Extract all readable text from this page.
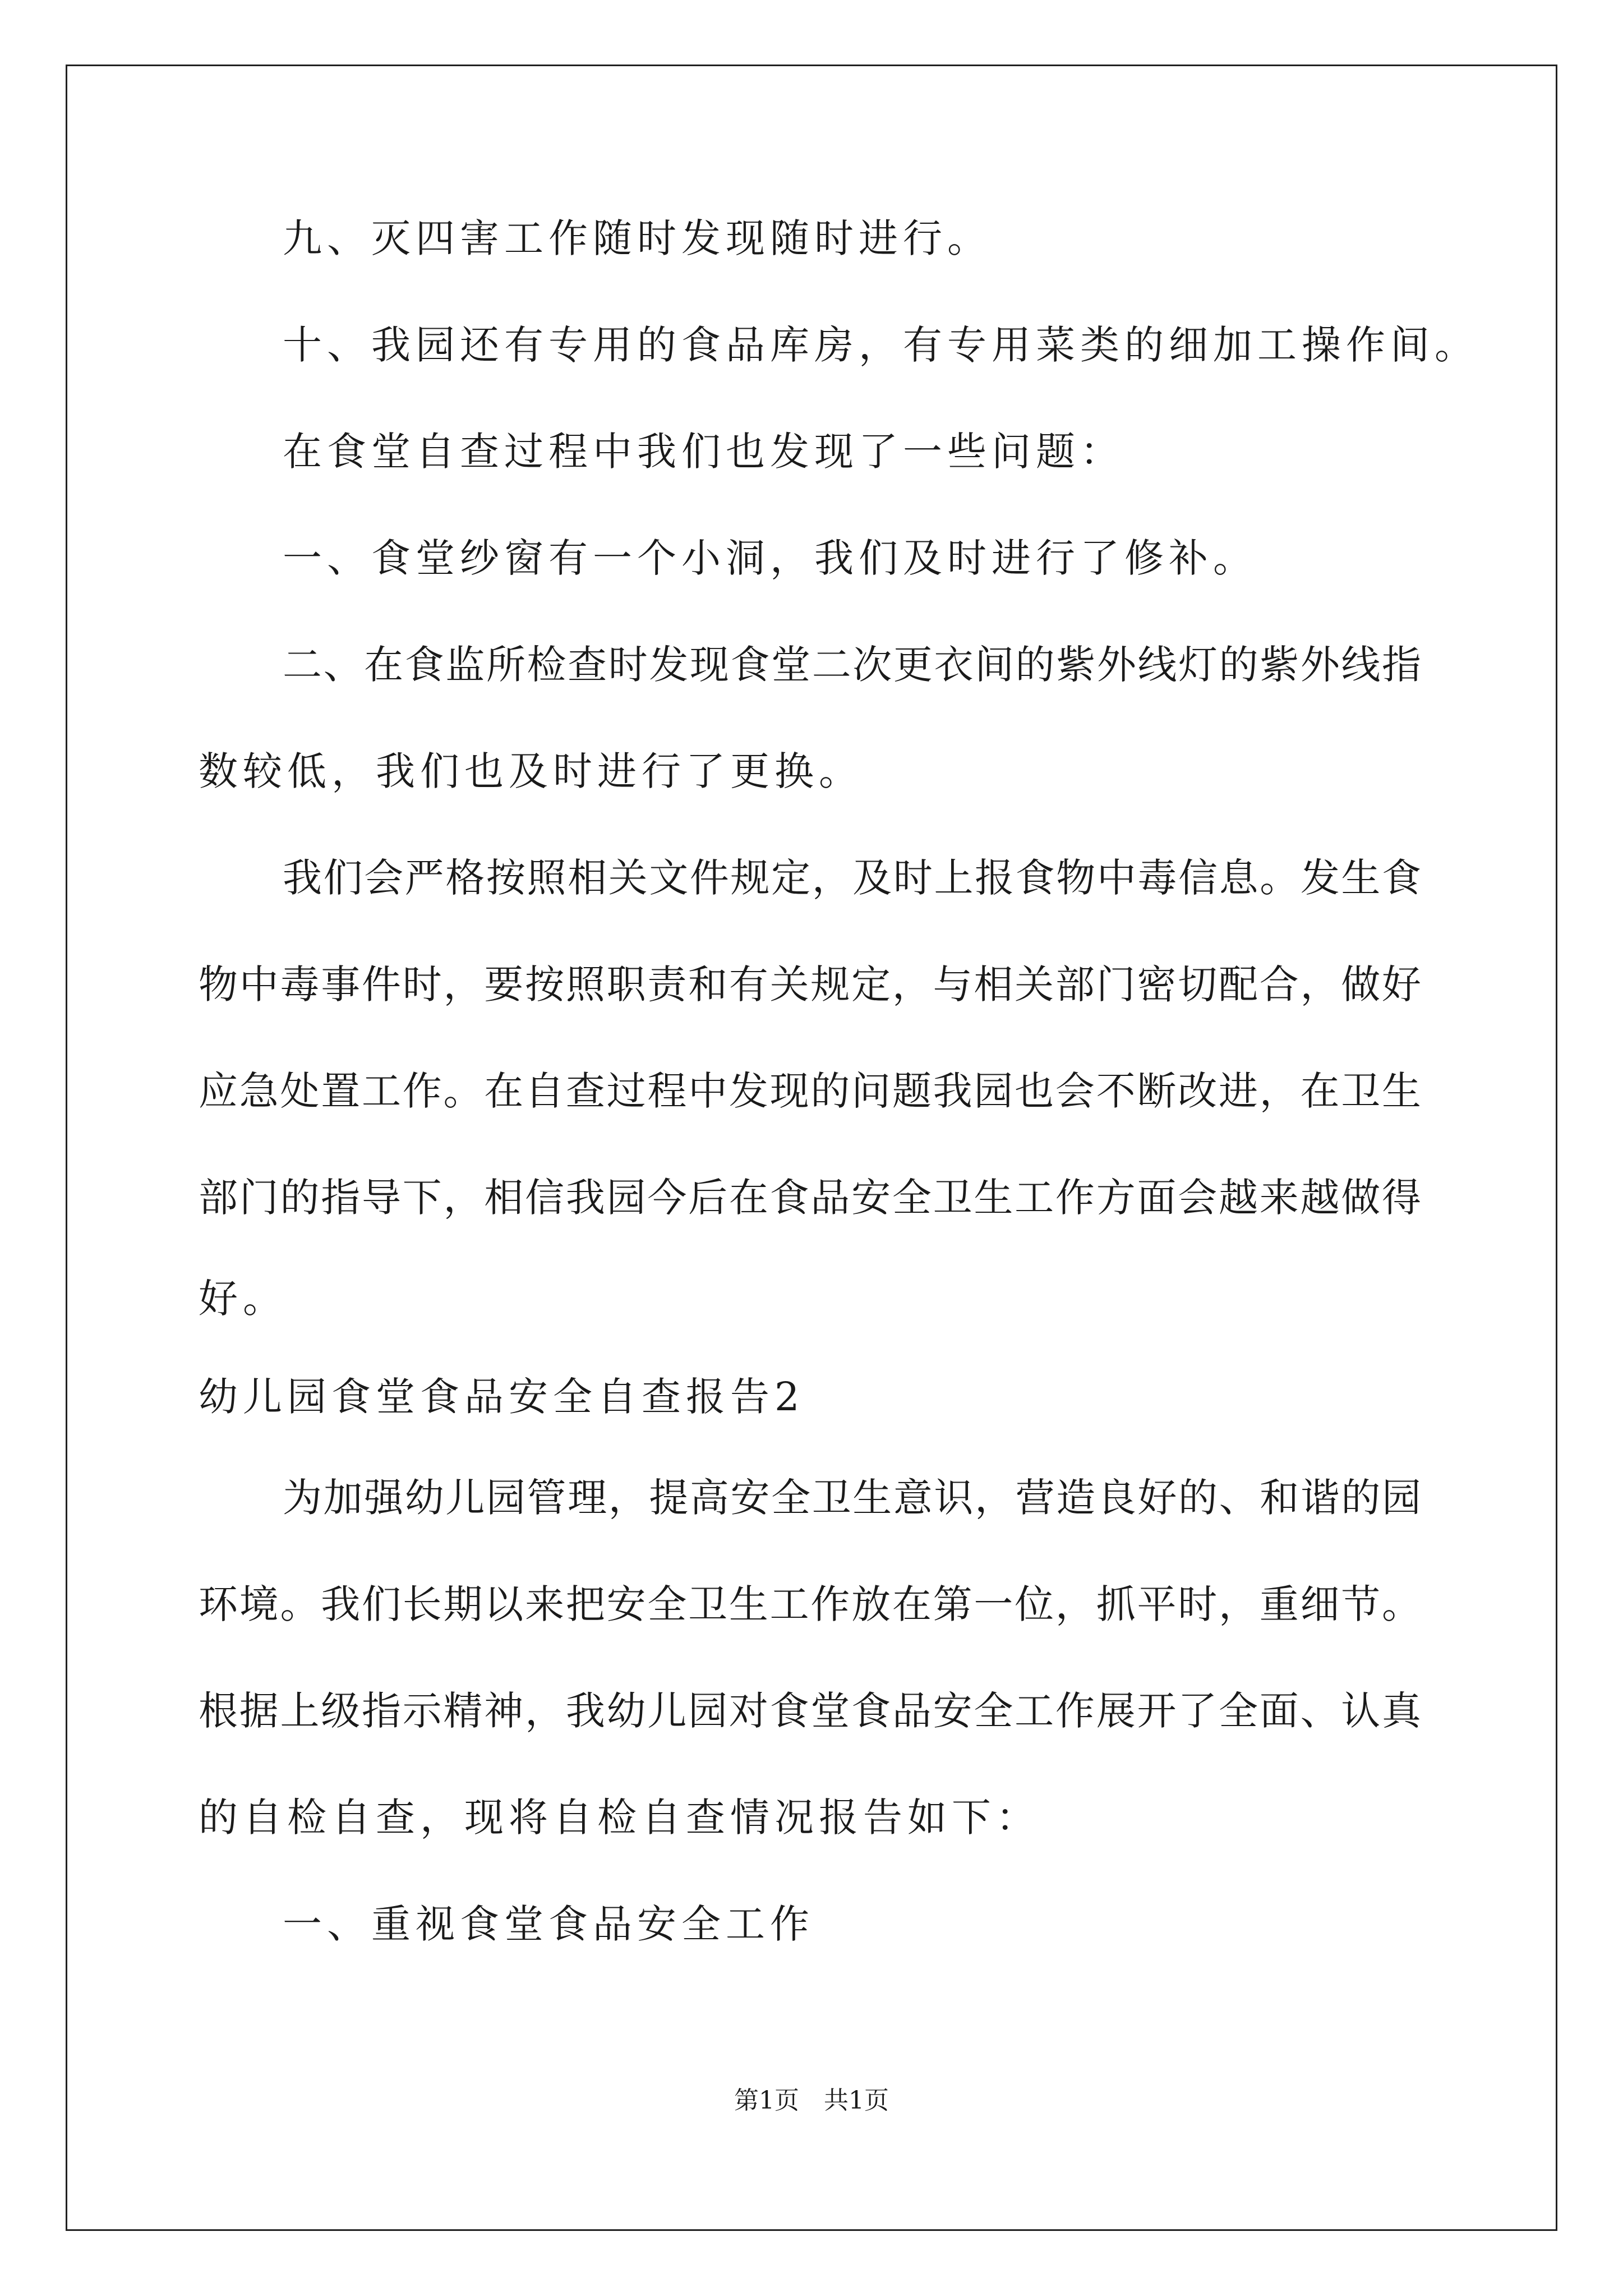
九、灭四害工作随时发现随时进行。
十、我园还有专用的食品库房，有专用菜类的细加工操作间。
在食堂自查过程中我们也发现了一些问题：
一、食堂纱窗有一个小洞，我们及时进行了修补。
二、在食监所检查时发现食堂二次更衣间的紫外线灯的紫外线指
数较低，我们也及时进行了更换。
我们会严格按照相关文件规定，及时上报食物中毒信息。发生食
物中毒事件时，要按照职责和有关规定，与相关部门密切配合，做好
应急处置工作。在自查过程中发现的问题我园也会不断改进，在卫生
部门的指导下，相信我园今后在食品安全卫生工作方面会越来越做得
好。
幼儿园食堂食品安全自查报告2
为加强幼儿园管理，提高安全卫生意识，营造良好的、和谐的园
环境。我们长期以来把安全卫生工作放在第一位，抓平时，重细节。
根据上级指示精神，我幼儿园对食堂食品安全工作展开了全面、认真
的自检自查，现将自检自查情况报告如下：
一、重视食堂食品安全工作
第1页　共1页
